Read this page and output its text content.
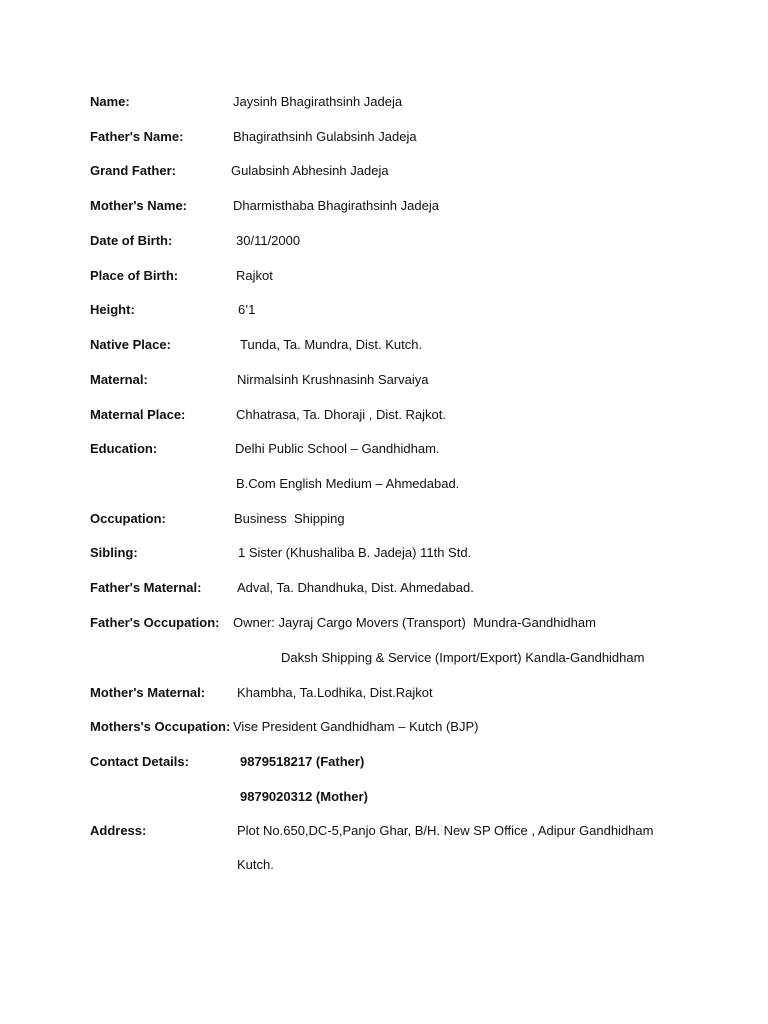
Name:	Jaysinh Bhagirathsinh Jadeja
Father's Name:	Bhagirathsinh Gulabsinh Jadeja
Grand Father:	Gulabsinh Abhesinh Jadeja
Mother's Name:	Dharmisthaba Bhagirathsinh Jadeja
Date of Birth:	30/11/2000
Place of Birth:	Rajkot
Height:	6’1
Native Place:	Tunda, Ta. Mundra, Dist. Kutch.
Maternal:	Nirmalsinh Krushnasinh Sarvaiya
Maternal Place:	Chhatrasa, Ta. Dhoraji , Dist. Rajkot.
Education:	Delhi Public School – Gandhidham.
B.Com English Medium – Ahmedabad.
Occupation:	Business  Shipping
Sibling:	1 Sister (Khushaliba B. Jadeja) 11th Std.
Father's Maternal:	Adval, Ta. Dhandhuka, Dist. Ahmedabad.
Father's Occupation: Owner: Jayraj Cargo Movers (Transport)  Mundra-Gandhidham
Daksh Shipping & Service (Import/Export) Kandla-Gandhidham
Mother's Maternal: Khambha, Ta.Lodhika, Dist.Rajkot
Mothers's Occupation: Vise President Gandhidham – Kutch (BJP)
Contact Details:	9879518217 (Father)
9879020312 (Mother)
Address:	Plot No.650,DC-5,Panjo Ghar, B/H. New SP Office , Adipur Gandhidham
Kutch.
